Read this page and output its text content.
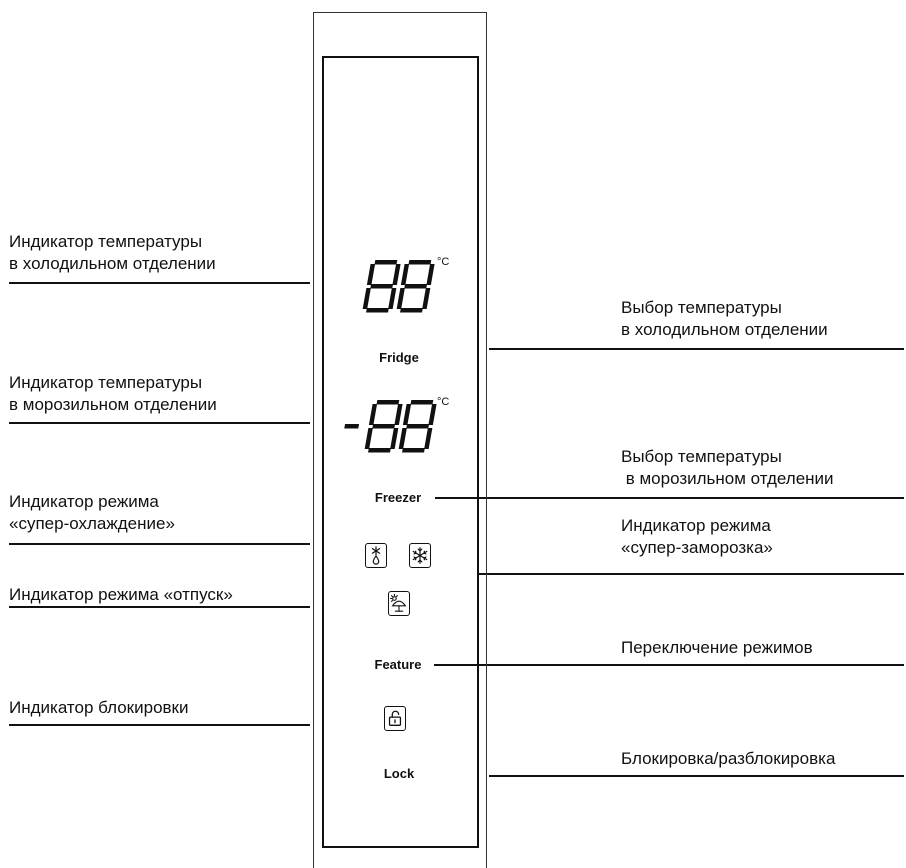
Индикатор температуры
в холодильном отделении
Индикатор температуры
в морозильном отделении
Индикатор режима
«супер-охлаждение»
Индикатор режима «отпуск»
Индикатор блокировки
Выбор температуры
в холодильном отделении
Выбор температуры
в морозильном отделении
Индикатор режима
«супер-заморозка»
Переключение режимов
Блокировка/разблокировка
°C
Fridge
°C
Freezer
Feature
Lock
